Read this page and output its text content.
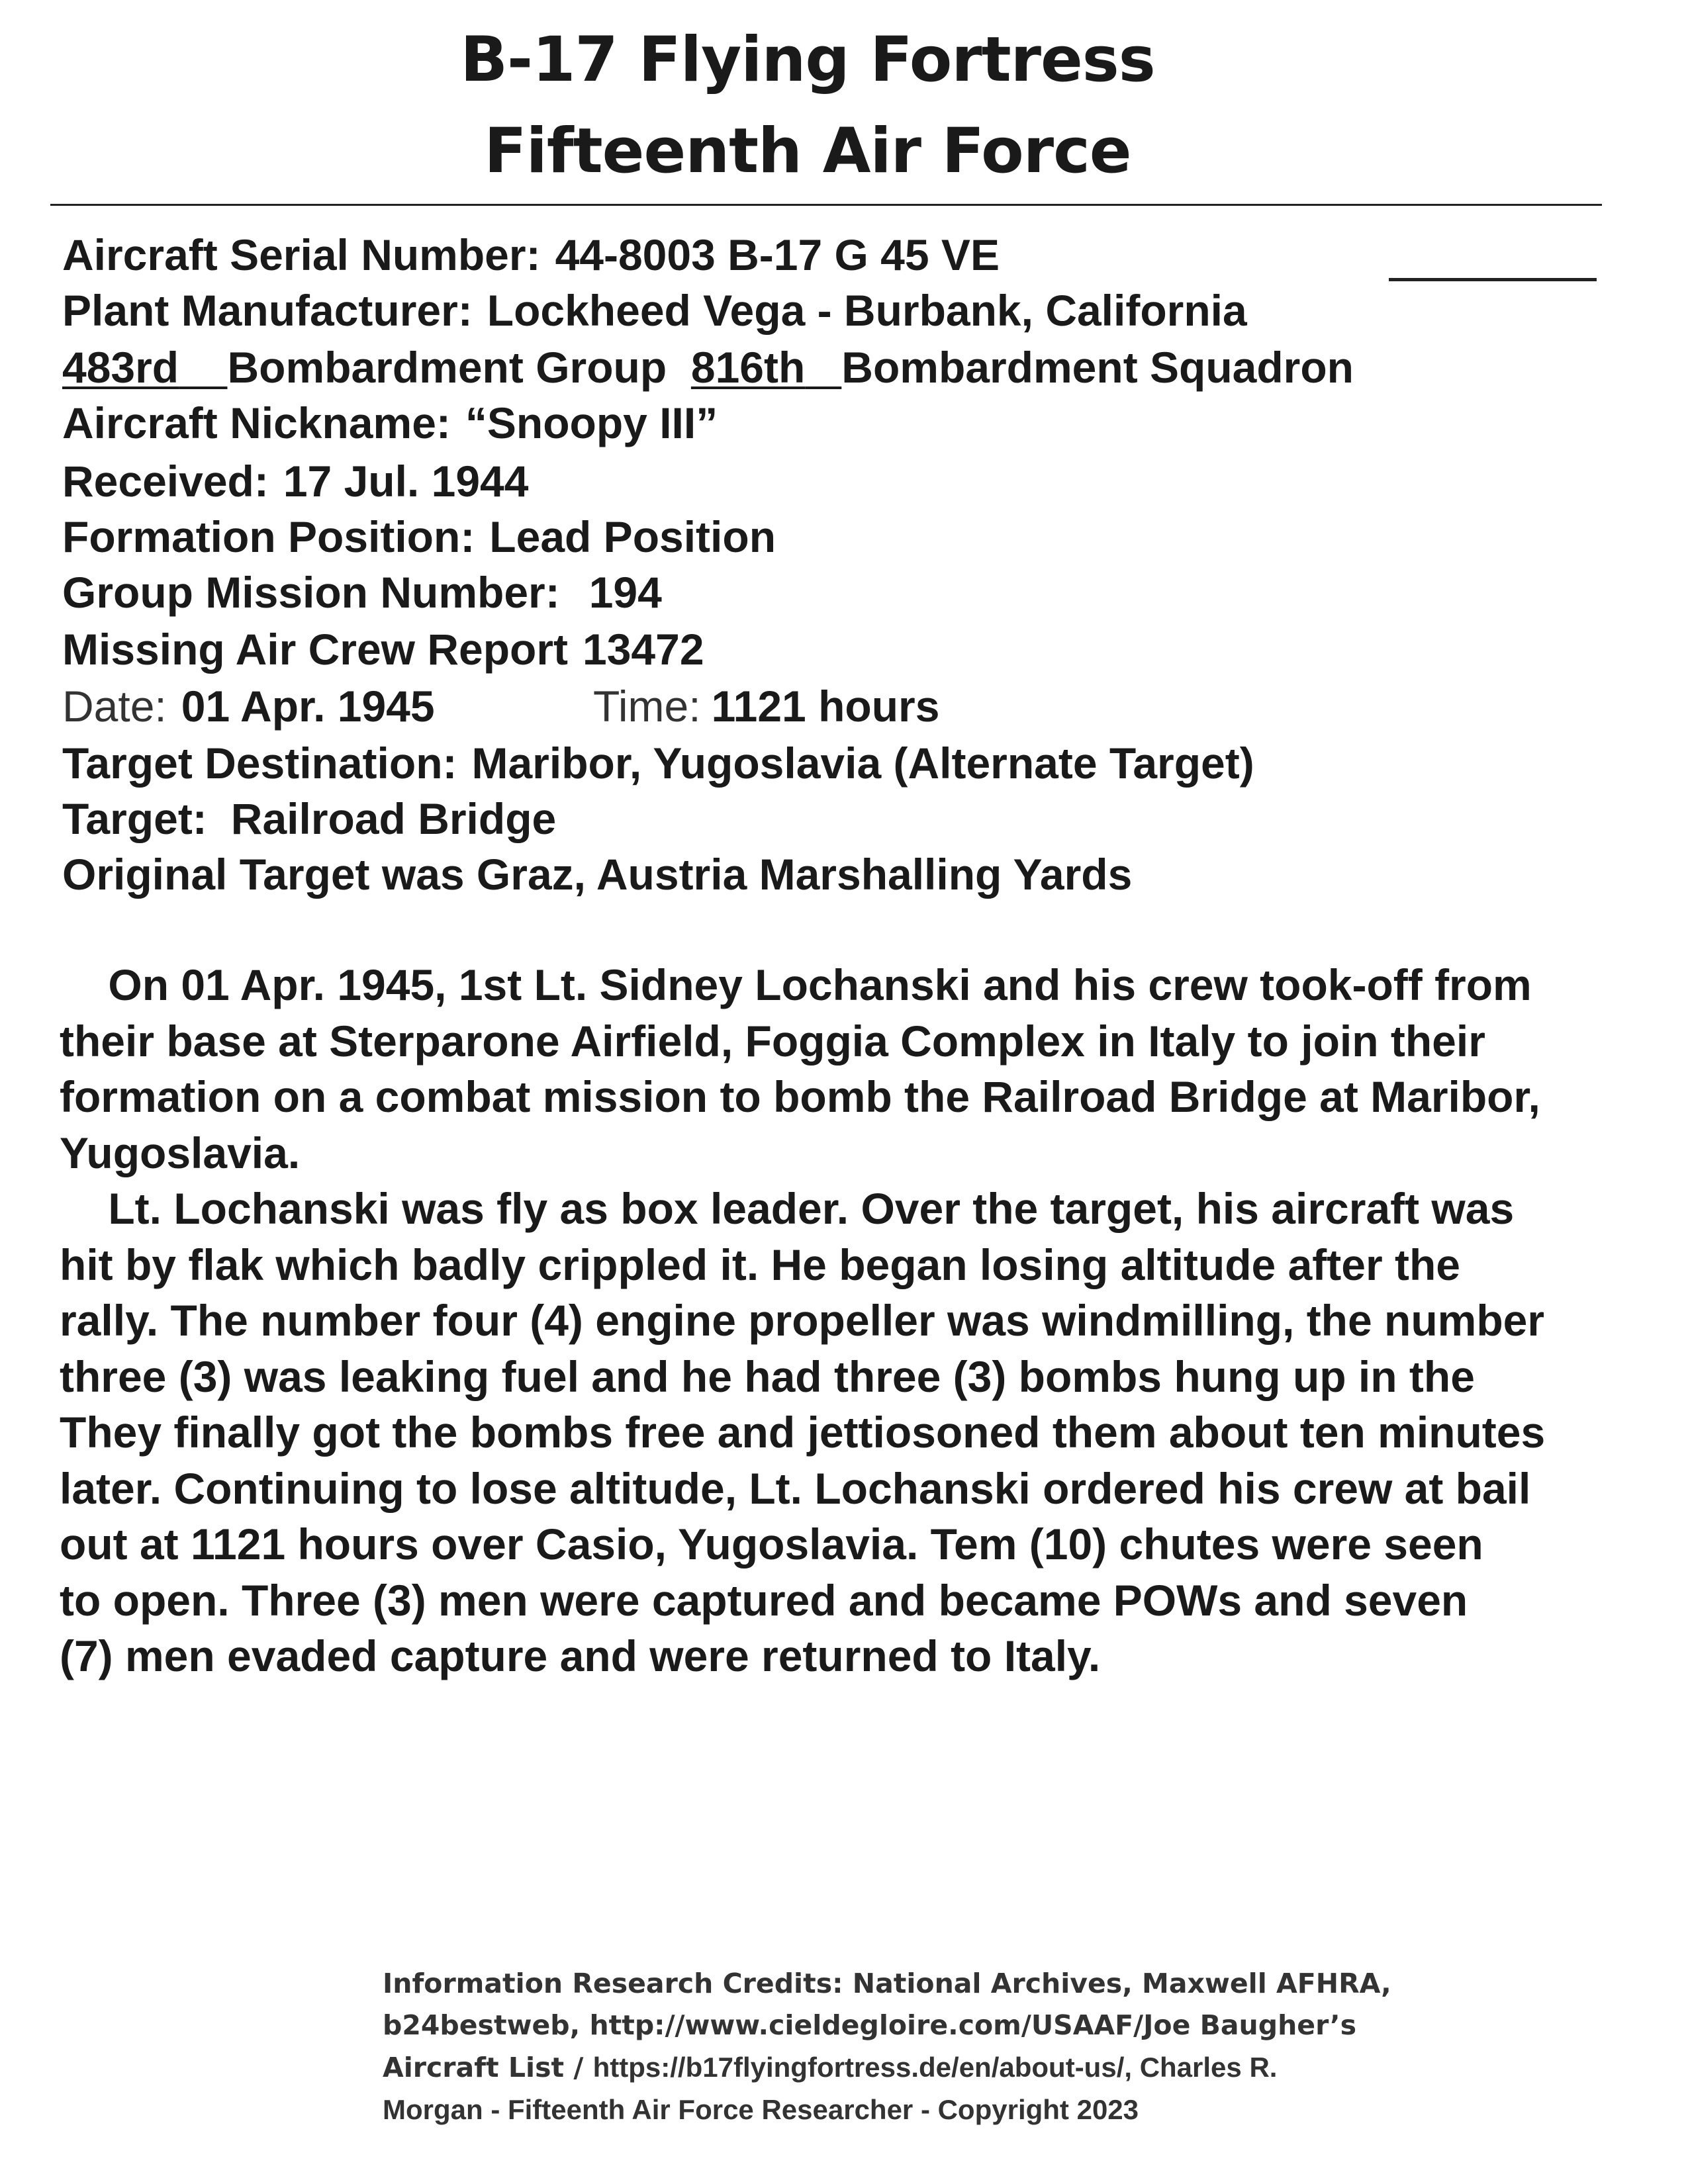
B-17 Flying Fortress
Fifteenth Air Force
Aircraft Serial Number: 44-8003 B-17 G 45 VE
Plant Manufacturer: Lockheed Vega - Burbank, California
483rd Bombardment Group 816th Bombardment Squadron
Aircraft Nickname: “Snoopy III”
Received: 17 Jul. 1944
Formation Position: Lead Position
Group Mission Number: 194
Missing Air Crew Report 13472
Date: 01 Apr. 1945	Time: 1121 hours
Target Destination: Maribor, Yugoslavia (Alternate Target)
Target: Railroad Bridge
Original Target was Graz, Austria Marshalling Yards
On 01 Apr. 1945, 1st Lt. Sidney Lochanski and his crew took-off from
their base at Sterparone Airfield, Foggia Complex in Italy to join their
formation on a combat mission to bomb the Railroad Bridge at Maribor,
Yugoslavia.
Lt. Lochanski was fly as box leader. Over the target, his aircraft was
hit by flak which badly crippled it. He began losing altitude after the
rally. The number four (4) engine propeller was windmilling, the number
three (3) was leaking fuel and he had three (3) bombs hung up in the
They finally got the bombs free and jettiosoned them about ten minutes
later. Continuing to lose altitude, Lt. Lochanski ordered his crew at bail
out at 1121 hours over Casio, Yugoslavia. Tem (10) chutes were seen
to open. Three (3) men were captured and became POWs and seven
(7) men evaded capture and were returned to Italy.
Information Research Credits: National Archives, Maxwell AFHRA,
b24bestweb, http://www.cieldegloire.com/USAAF/Joe Baugher’s
Aircraft List / https://b17flyingfortress.de/en/about-us/, Charles R.
Morgan - Fifteenth Air Force Researcher - Copyright 2023
